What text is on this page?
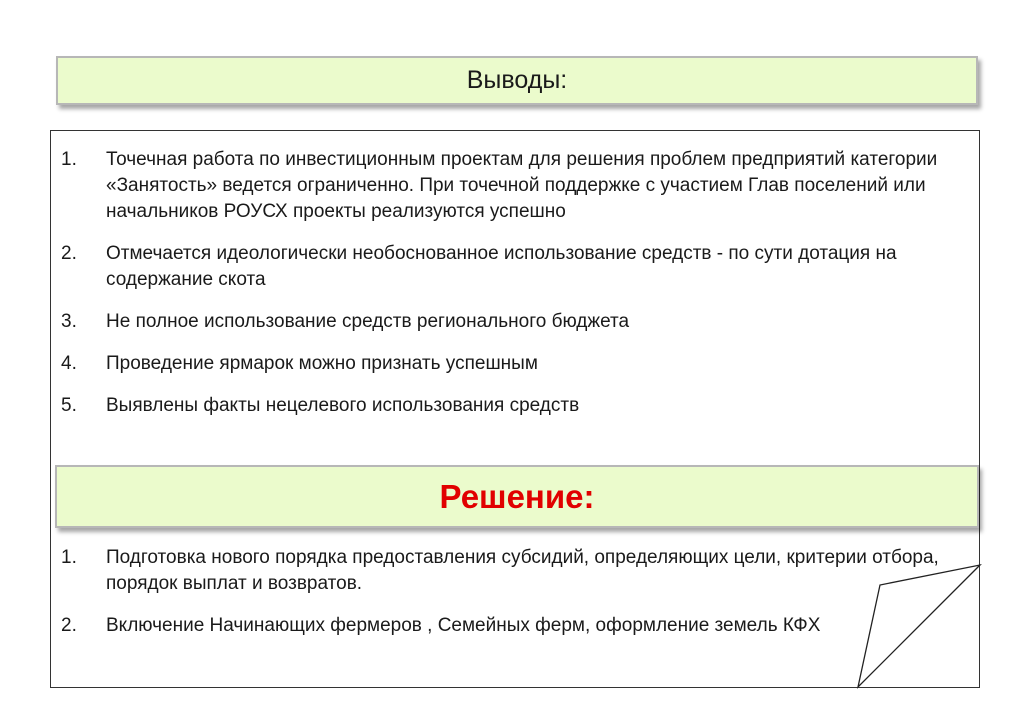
Выводы:
1.	Точечная работа по инвестиционным проектам для решения проблем предприятий категории «Занятость» ведется ограниченно. При точечной поддержке с участием Глав поселений или начальников РОУСХ проекты реализуются успешно
2.	Отмечается идеологически необоснованное использование средств - по сути дотация на содержание скота
3.	Не полное использование средств регионального бюджета
4.	Проведение ярмарок можно признать успешным
5.	Выявлены факты нецелевого использования средств
1.	Подготовка нового порядка предоставления субсидий, определяющих цели, критерии отбора, порядок выплат и возвратов.
2.	Включение Начинающих фермеров , Семейных ферм, оформление земель КФХ
Решение:
